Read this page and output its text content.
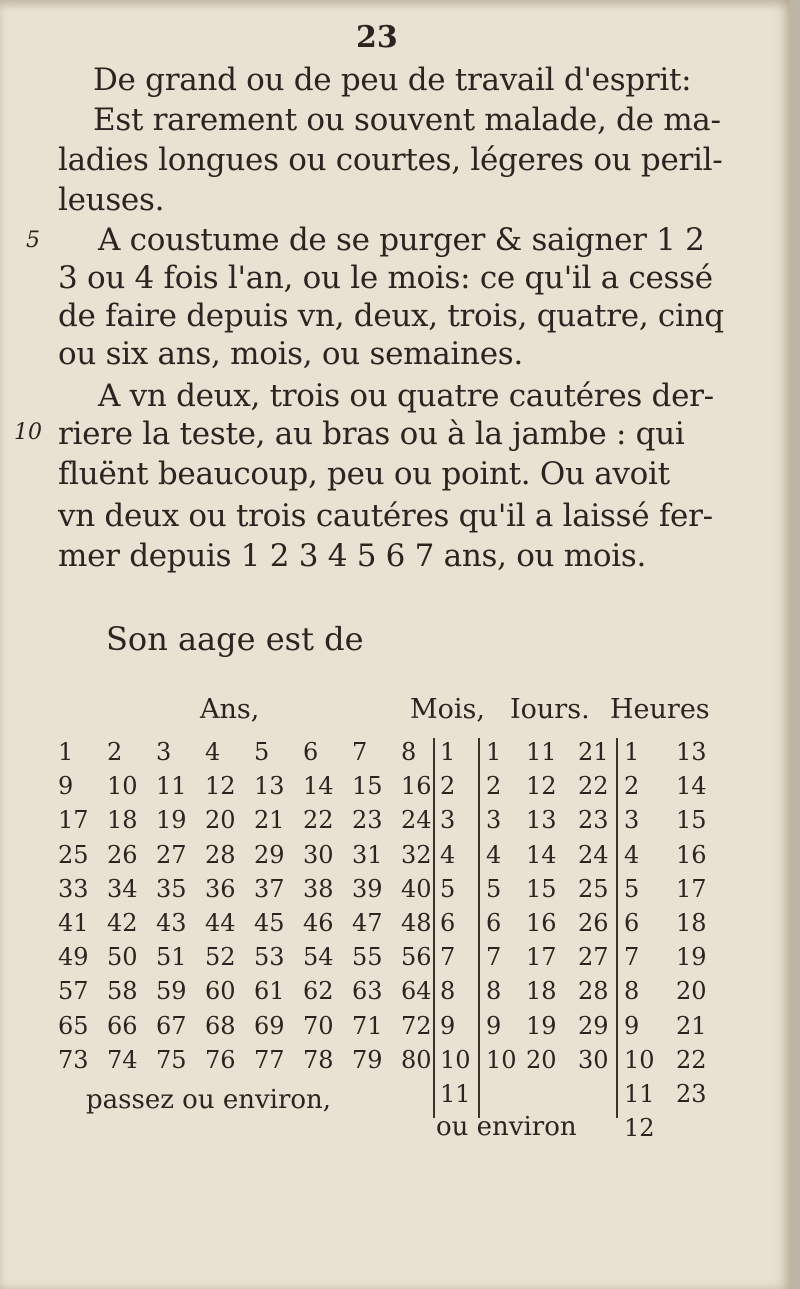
23
De grand ou de peu de travail d'esprit:
Est rarement ou souvent malade, de ma-
ladies longues ou courtes, légeres ou peril-
leuses.
A coustume de se purger & saigner 1 2
3 ou 4 fois l'an, ou le mois: ce qu'il a cessé
de faire depuis vn, deux, trois, quatre, cinq
ou six ans, mois, ou semaines.
A vn deux, trois ou quatre cautéres der-
riere la teste, au bras ou à la jambe : qui
fluënt beaucoup, peu ou point. Ou avoit
vn deux ou trois cautéres qu'il a laissé fer-
mer depuis 1 2 3 4 5 6 7 ans, ou mois.
5
10
Son aage est de
Ans,	Mois, Iours. Heures
1 2 3 4 5 6 7 8
9 10 11 12 13 14 15 16
17 18 19 20 21 22 23 24
25 26 27 28 29 30 31 32
33 34 35 36 37 38 39 40
41 42 43 44 45 46 47 48
49 50 51 52 53 54 55 56
57 58 59 60 61 62 63 64
65 66 67 68 69 70 71 72
73 74 75 76 77 78 79 80
1
2
3
4
5
6
7
8
9
10
11
1 11 21
2 12 22
3 13 23
4 14 24
5 15 25
6 16 26
7 17 27
8 18 28
9 19 29
10 20 30
1 13
2 14
3 15
4 16
5 17
6 18
7 19
8 20
9 21
10 22
11 23
12
passez ou environ,
ou environ
